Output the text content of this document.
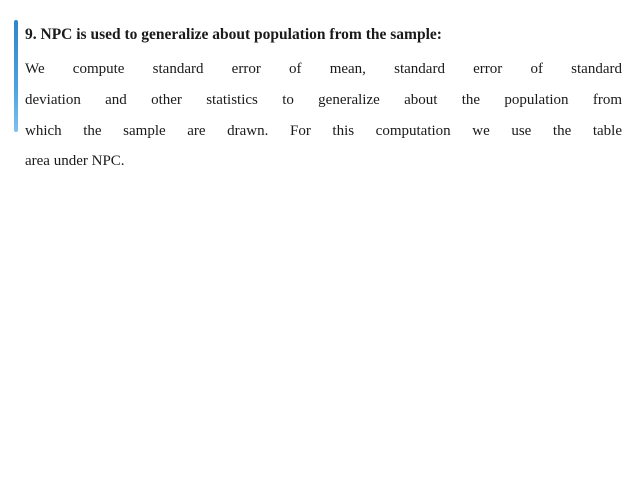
9. NPC is used to generalize about population from the sample:
We compute standard error of mean, standard error of standard
deviation and other statistics to generalize about the population from
which the sample are drawn. For this computation we use the table
area under NPC.
